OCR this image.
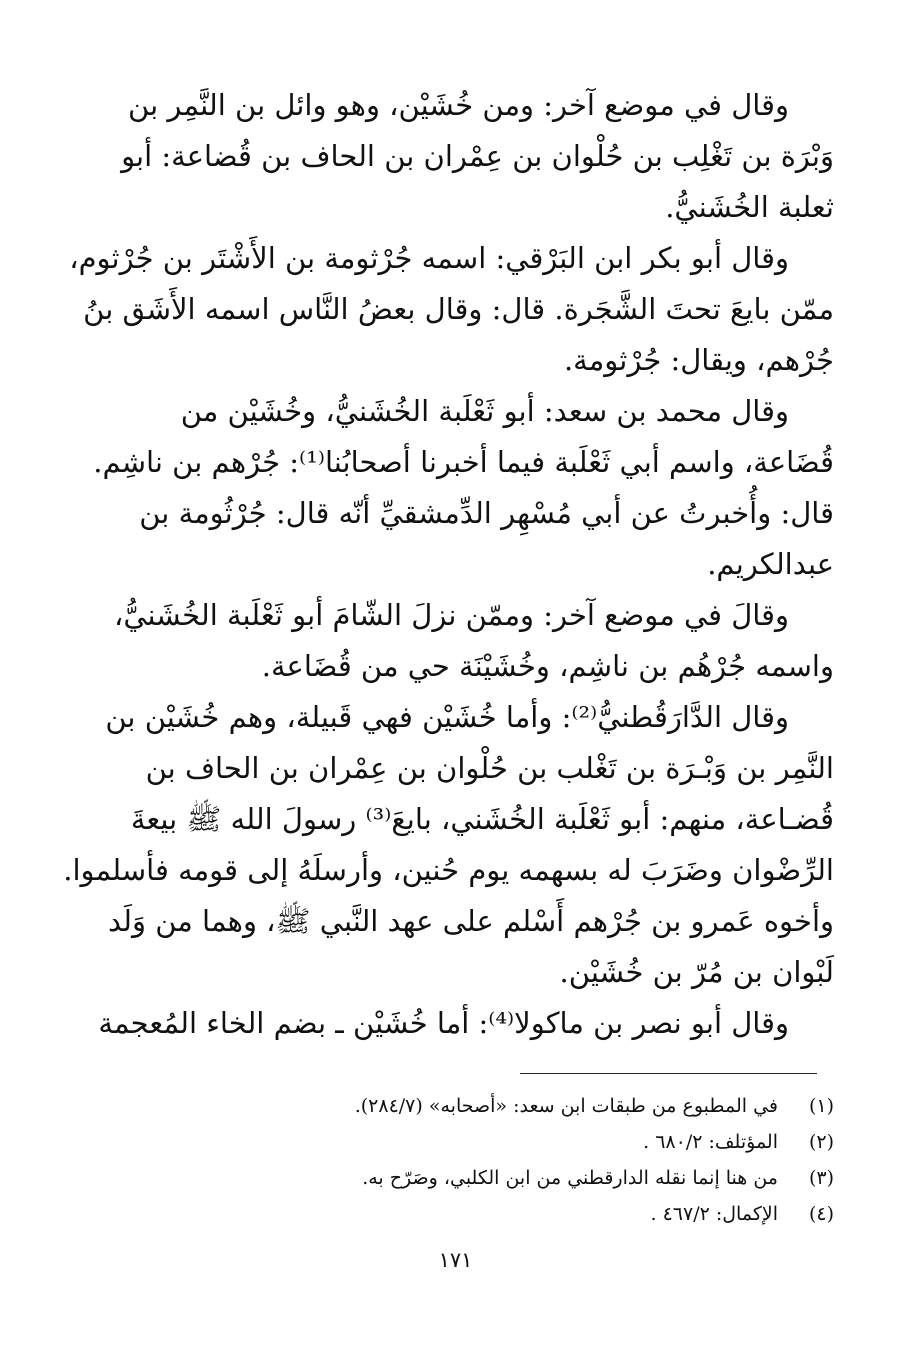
وقال في موضع آخر: ومن خُشَيْن، وهو وائل بن النَّمِر بن
وَبْرَة بن تَغْلِب بن حُلْوان بن عِمْران بن الحاف بن قُضاعة: أبو
ثعلبة الخُشَنيُّ.

وقال أبو بكر ابن البَرْقي: اسمه جُرْثومة بن الأَشْتَر بن جُرْثوم،
ممّن بايعَ تحتَ الشَّجَرة. قال: وقال بعضُ النَّاس اسمه الأَشَق بنُ
جُرْهم، ويقال: جُرْثومة.

وقال محمد بن سعد: أبو ثَعْلَبة الخُشَنيُّ، وخُشَيْن من
قُضَاعة، واسم أبي ثَعْلَبة فيما أخبرنا أصحابُنا⁽¹⁾: جُرْهم بن ناشِم.
قال: وأُخبرتُ عن أبي مُسْهِر الدِّمشقيِّ أنّه قال: جُرْثُومة بن
عبدالكريم.

وقالَ في موضع آخر: وممّن نزلَ الشّامَ أبو ثَعْلَبة الخُشَنيُّ،
واسمه جُرْهُم بن ناشِم، وخُشَيْنَة حي من قُضَاعة.

وقال الدَّارَقُطنيُّ⁽²⁾: وأما خُشَيْن فهي قَبيلة، وهم خُشَيْن بن
النَّمِر بن وَبْـرَة بن تَغْلب بن حُلْوان بن عِمْران بن الحاف بن
قُضـاعة، منهم: أبو ثَعْلَبة الخُشَني، بايعَ⁽³⁾ رسولَ الله ﷺ بيعةَ
الرِّضْوان وضَرَبَ له بسهمه يوم حُنين، وأرسلَهُ إلى قومه فأسلموا.
وأخوه عَمرو بن جُرْهم أَسْلم على عهد النَّبي ﷺ، وهما من وَلَد
لَبْوان بن مُرّ بن خُشَيْن.

وقال أبو نصر بن ماكولا⁽⁴⁾: أما خُشَيْن ـ بضم الخاء المُعجمة

(١)
في المطبوع من طبقات ابن سعد: «أصحابه» (٢٨٤/٧).
(٢)
المؤتلف: ٦٨٠/٢ .
(٣)
من هنا إنما نقله الدارقطني من ابن الكلبي، وصَرّح به.
(٤)
الإكمال: ٤٦٧/٢ .
١٧١
